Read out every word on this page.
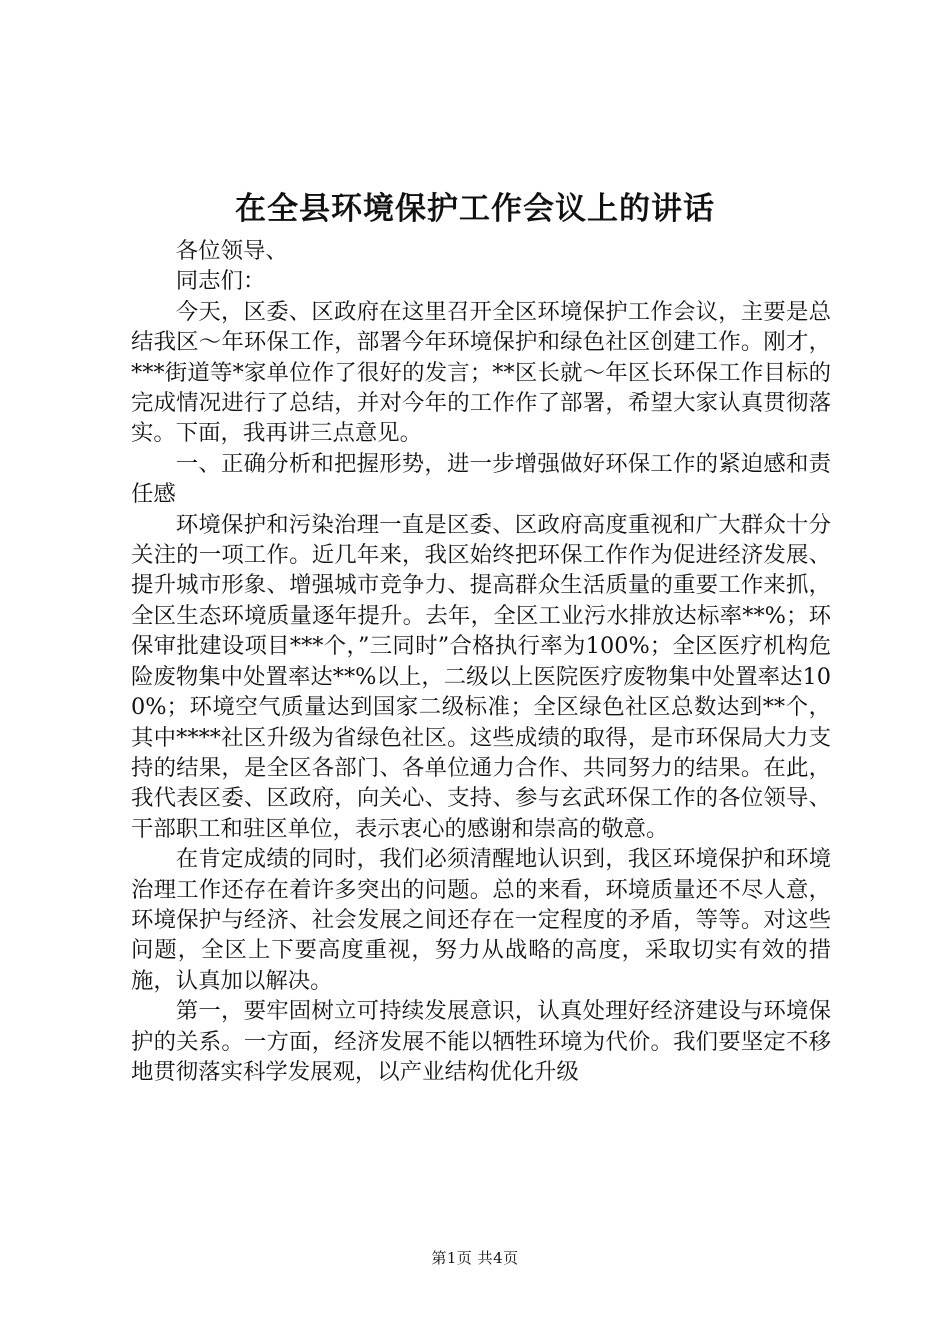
在全县环境保护工作会议上的讲话

各位领导、

同志们：

今天，区委、区政府在这里召开全区环境保护工作会议，主要是总结我区～年环保工作，部署今年环境保护和绿色社区创建工作。刚才，***街道等*家单位作了很好的发言；**区长就～年区长环保工作目标的完成情况进行了总结，并对今年的工作作了部署，希望大家认真贯彻落实。下面，我再讲三点意见。

一、正确分析和把握形势，进一步增强做好环保工作的紧迫感和责任感

环境保护和污染治理一直是区委、区政府高度重视和广大群众十分关注的一项工作。近几年来，我区始终把环保工作作为促进经济发展、提升城市形象、增强城市竞争力、提高群众生活质量的重要工作来抓，全区生态环境质量逐年提升。去年，全区工业污水排放达标率**%；环保审批建设项目***个，”三同时”合格执行率为100%；全区医疗机构危险废物集中处置率达**%以上，二级以上医院医疗废物集中处置率达100%；环境空气质量达到国家二级标准；全区绿色社区总数达到**个，其中****社区升级为省绿色社区。这些成绩的取得，是市环保局大力支持的结果，是全区各部门、各单位通力合作、共同努力的结果。在此，我代表区委、区政府，向关心、支持、参与玄武环保工作的各位领导、干部职工和驻区单位，表示衷心的感谢和崇高的敬意。

在肯定成绩的同时，我们必须清醒地认识到，我区环境保护和环境治理工作还存在着许多突出的问题。总的来看，环境质量还不尽人意，环境保护与经济、社会发展之间还存在一定程度的矛盾，等等。对这些问题，全区上下要高度重视，努力从战略的高度，采取切实有效的措施，认真加以解决。

第一，要牢固树立可持续发展意识，认真处理好经济建设与环境保护的关系。一方面，经济发展不能以牺牲环境为代价。我们要坚定不移地贯彻落实科学发展观，以产业结构优化升级

第1页 共4页
